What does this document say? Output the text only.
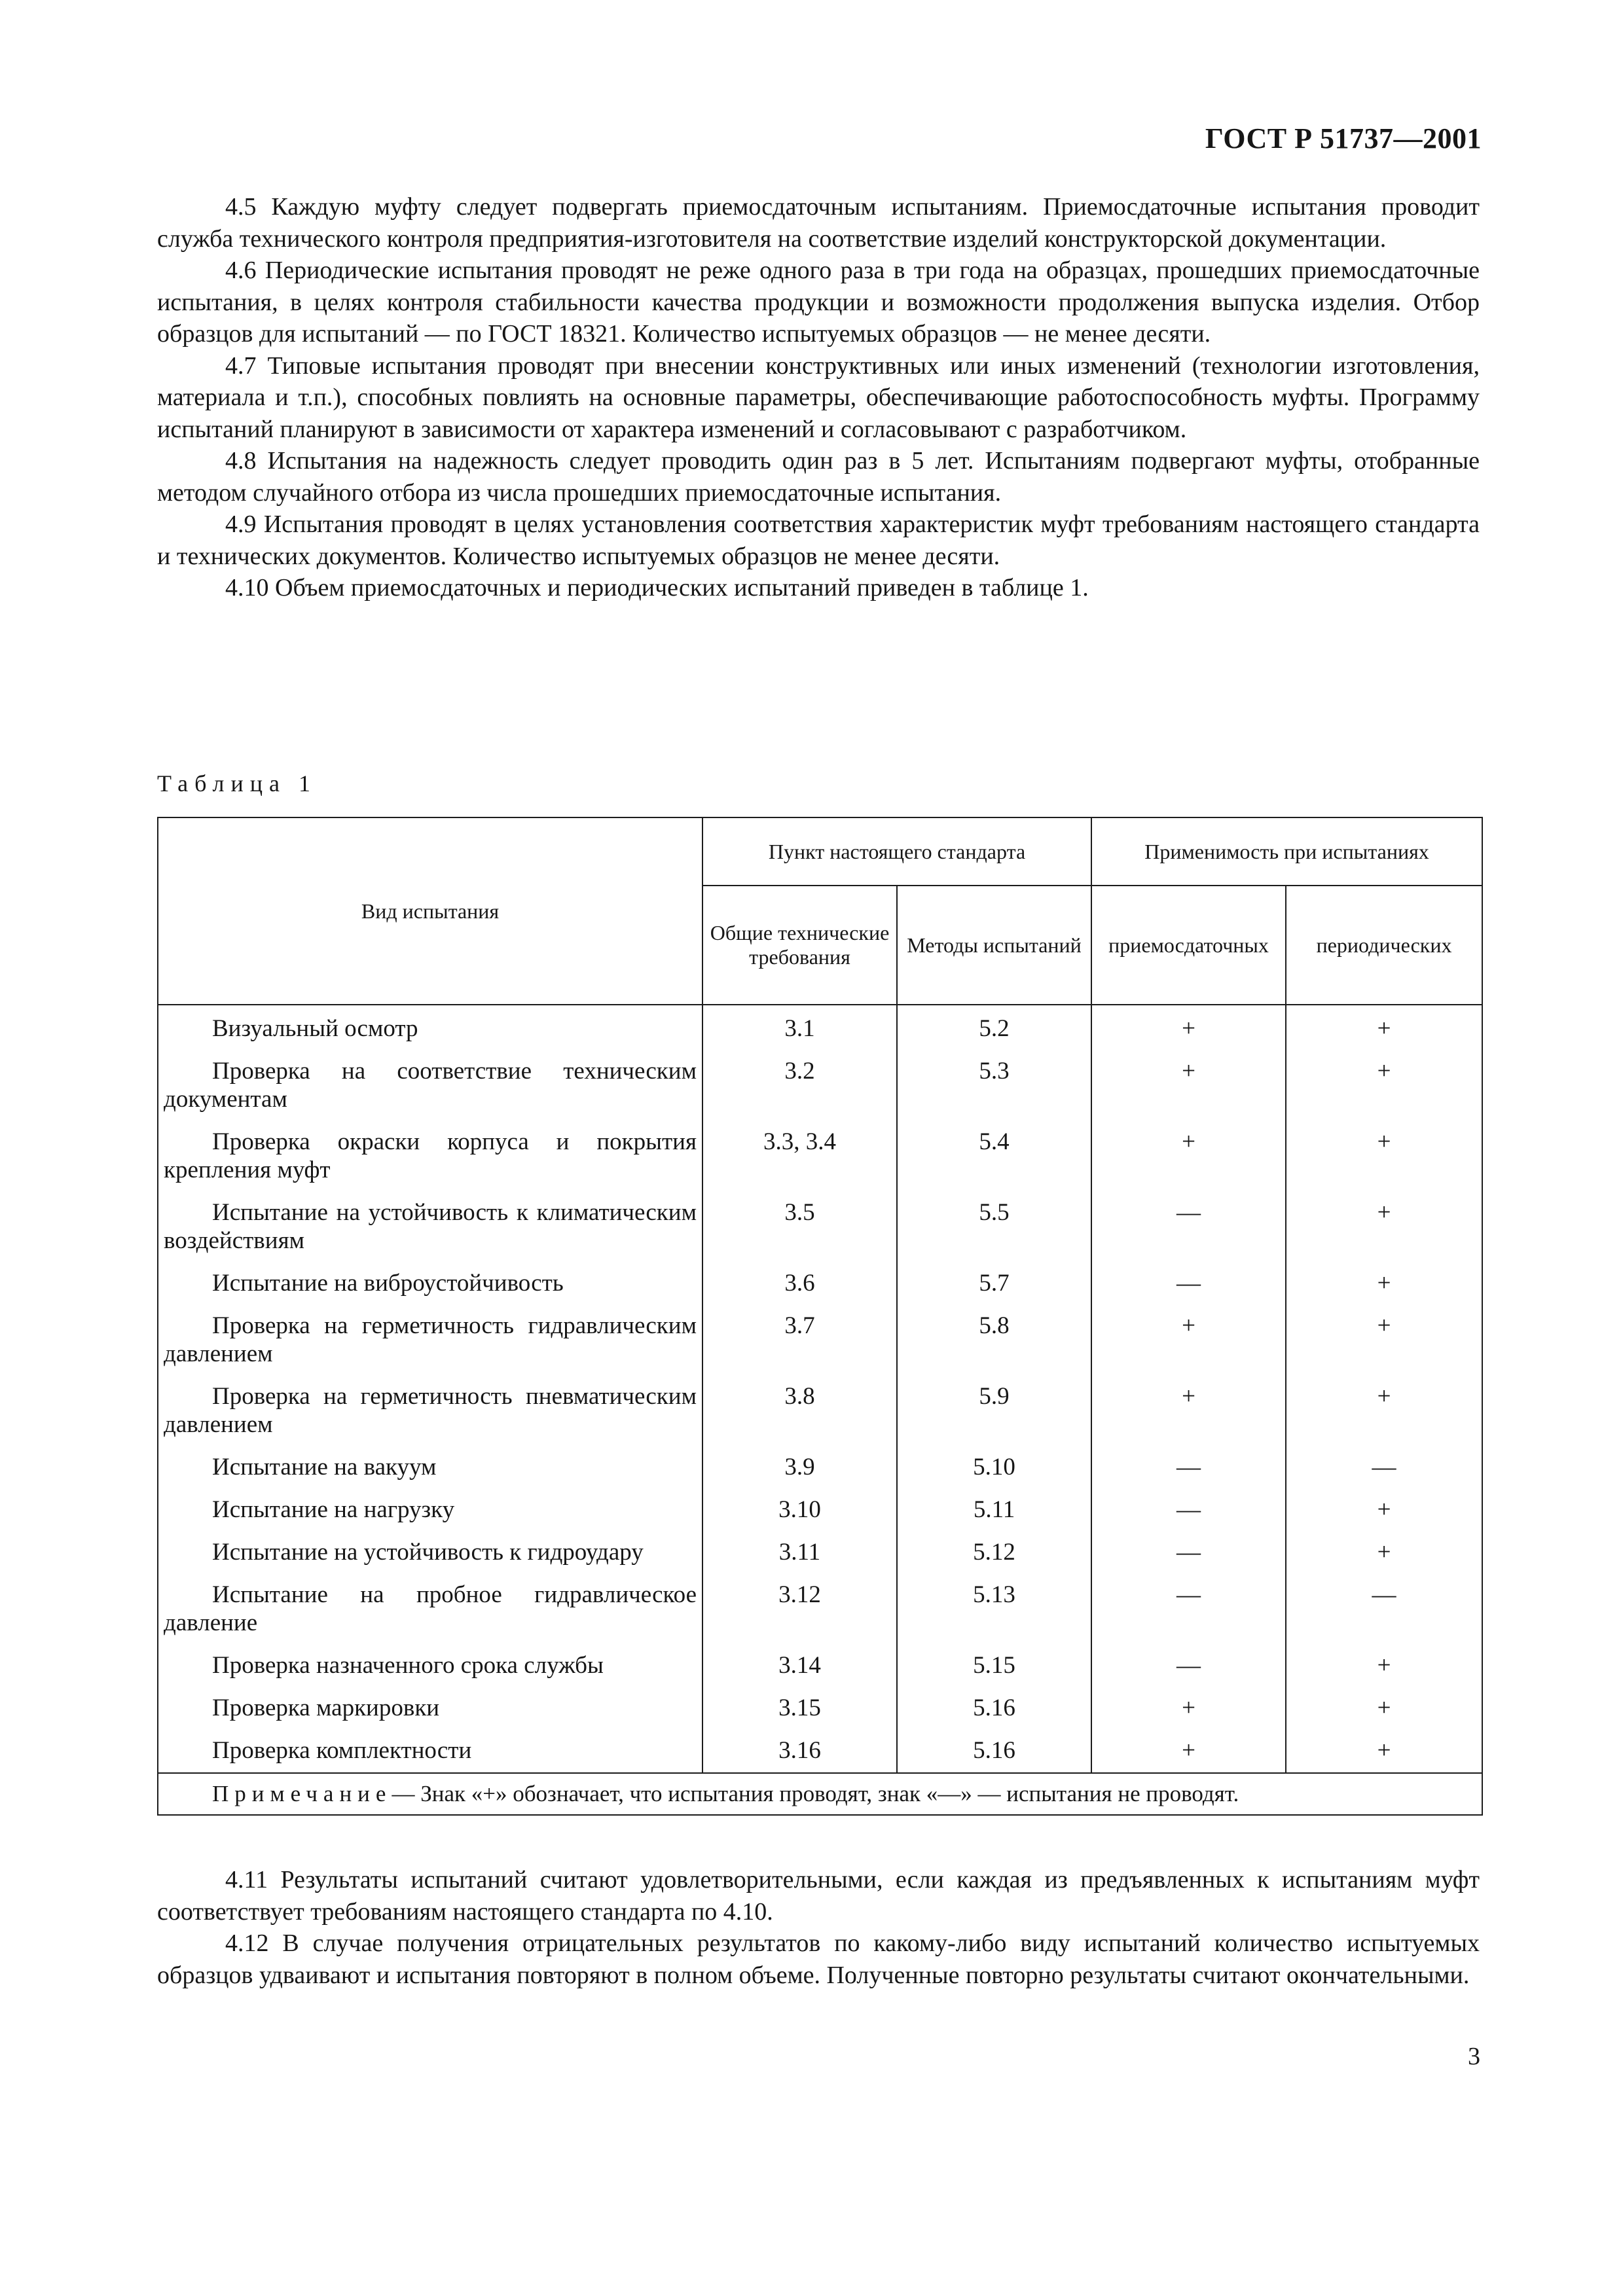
ГОСТ Р 51737—2001

4.5 Каждую муфту следует подвергать приемосдаточным испытаниям. Приемосдаточные испытания проводит служба технического контроля предприятия-изготовителя на соответствие изделий конструкторской документации.

4.6 Периодические испытания проводят не реже одного раза в три года на образцах, прошедших приемосдаточные испытания, в целях контроля стабильности качества продукции и возможности продолжения выпуска изделия. Отбор образцов для испытаний — по ГОСТ 18321. Количество испытуемых образцов — не менее десяти.

4.7 Типовые испытания проводят при внесении конструктивных или иных изменений (технологии изготовления, материала и т.п.), способных повлиять на основные параметры, обеспечивающие работоспособность муфты. Программу испытаний планируют в зависимости от характера изменений и согласовывают с разработчиком.

4.8 Испытания на надежность следует проводить один раз в 5 лет. Испытаниям подвергают муфты, отобранные методом случайного отбора из числа прошедших приемосдаточные испытания.

4.9 Испытания проводят в целях установления соответствия характеристик муфт требованиям настоящего стандарта и технических документов. Количество испытуемых образцов не менее десяти.

4.10 Объем приемосдаточных и периодических испытаний приведен в таблице 1.

Таблица 1
Вид испытания	Пункт настоящего стандарта		Применимость при испытаниях	
	Общие технические требования	Методы испытаний	приемосдаточных	периодических
Визуальный осмотр	3.1	5.2	+	+
Проверка на соответствие техническим документам	3.2	5.3	+	+
Проверка окраски корпуса и покрытия крепления муфт	3.3, 3.4	5.4	+	+
Испытание на устойчивость к климатическим воздействиям	3.5	5.5	—	+
Испытание на виброустойчивость	3.6	5.7	—	+
Проверка на герметичность гидравлическим давлением	3.7	5.8	+	+
Проверка на герметичность пневматическим давлением	3.8	5.9	+	+
Испытание на вакуум	3.9	5.10	—	—
Испытание на нагрузку	3.10	5.11	—	+
Испытание на устойчивость к гидроудару	3.11	5.12	—	+
Испытание на пробное гидравлическое давление	3.12	5.13	—	—
Проверка назначенного срока службы	3.14	5.15	—	+
Проверка маркировки	3.15	5.16	+	+
Проверка комплектности	3.16	5.16	+	+
Примечание— Знак «+» обозначает, что испытания проводят, знак «—» — испытания не проводят.				

4.11 Результаты испытаний считают удовлетворительными, если каждая из предъявленных к испытаниям муфт соответствует требованиям настоящего стандарта по 4.10.

4.12 В случае получения отрицательных результатов по какому-либо виду испытаний количество испытуемых образцов удваивают и испытания повторяют в полном объеме. Полученные повторно результаты считают окончательными.

3
